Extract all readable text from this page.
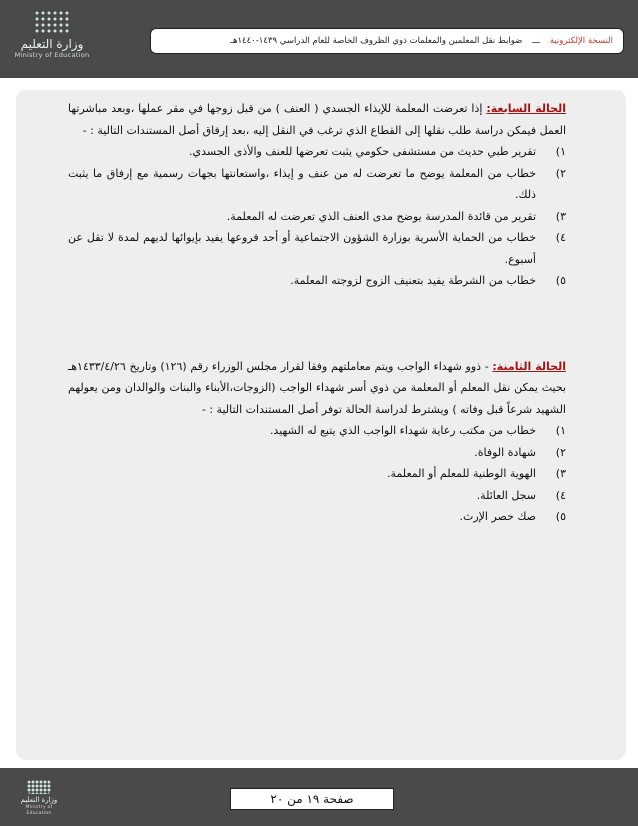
وزارة التعليم
Ministry of Education
النسخة الإلكترونية
ـــ
ضوابط نقل المعلمين والمعلمات ذوي الظروف الخاصة للعام الدراسي ١٤٣٩-١٤٤٠هـ

الحالة السابعة: إذا تعرضت المعلمة للإيذاء الجسدي ( العنف ) من قبل زوجها في مقر عملها ،وبعد مباشرتها العمل فيمكن دراسة طلب نقلها إلى القطاع الذي ترغب في النقل إليه ،بعد إرفاق أصل المستندات التالية : -

١)
تقرير طبي حديث من مستشفى حكومي يثبت تعرضها للعنف والأذى الجسدي.
٢)
خطاب من المعلمة يوضح ما تعرضت له من عنف و إيذاء ،واستعانتها بجهات رسمية مع إرفاق ما يثبت ذلك.
٣)
تقرير من قائدة المدرسة يوضح مدى العنف الذي تعرضت له المعلمة.
٤)
خطاب من الحماية الأسرية بوزارة الشؤون الاجتماعية أو أحد فروعها يفيد بإيوائها لديهم لمدة لا تقل عن أسبوع.
٥)
خطاب من الشرطة يفيد بتعنيف الزوج لزوجته المعلمة.

الحالة الثامنة: - ذوو شهداء الواجب ويتم معاملتهم وفقا لقرار مجلس الوزراء رقم (١٢٦) وتاريخ ١٤٣٣/٤/٢٦هـ بحيث يمكن نقل المعلم أو المعلمة من ذوي أسر شهداء الواجب (الزوجات،الأبناء والبنات والوالدان ومن يعولهم الشهيد شرعاً قبل وفاته ) ويشترط لدراسة الحالة توفر أصل المستندات التالية : -

١)
خطاب من مكتب رعاية شهداء الواجب الذي يتبع له الشهيد.
٢)
شهادة الوفاة.
٣)
الهوية الوطنية للمعلم أو المعلمة.
٤)
سجل العائلة.
٥)
صك حصر الإرث.
وزارة التعليم
Ministry of Education
صفحة ١٩ من ٢٠
